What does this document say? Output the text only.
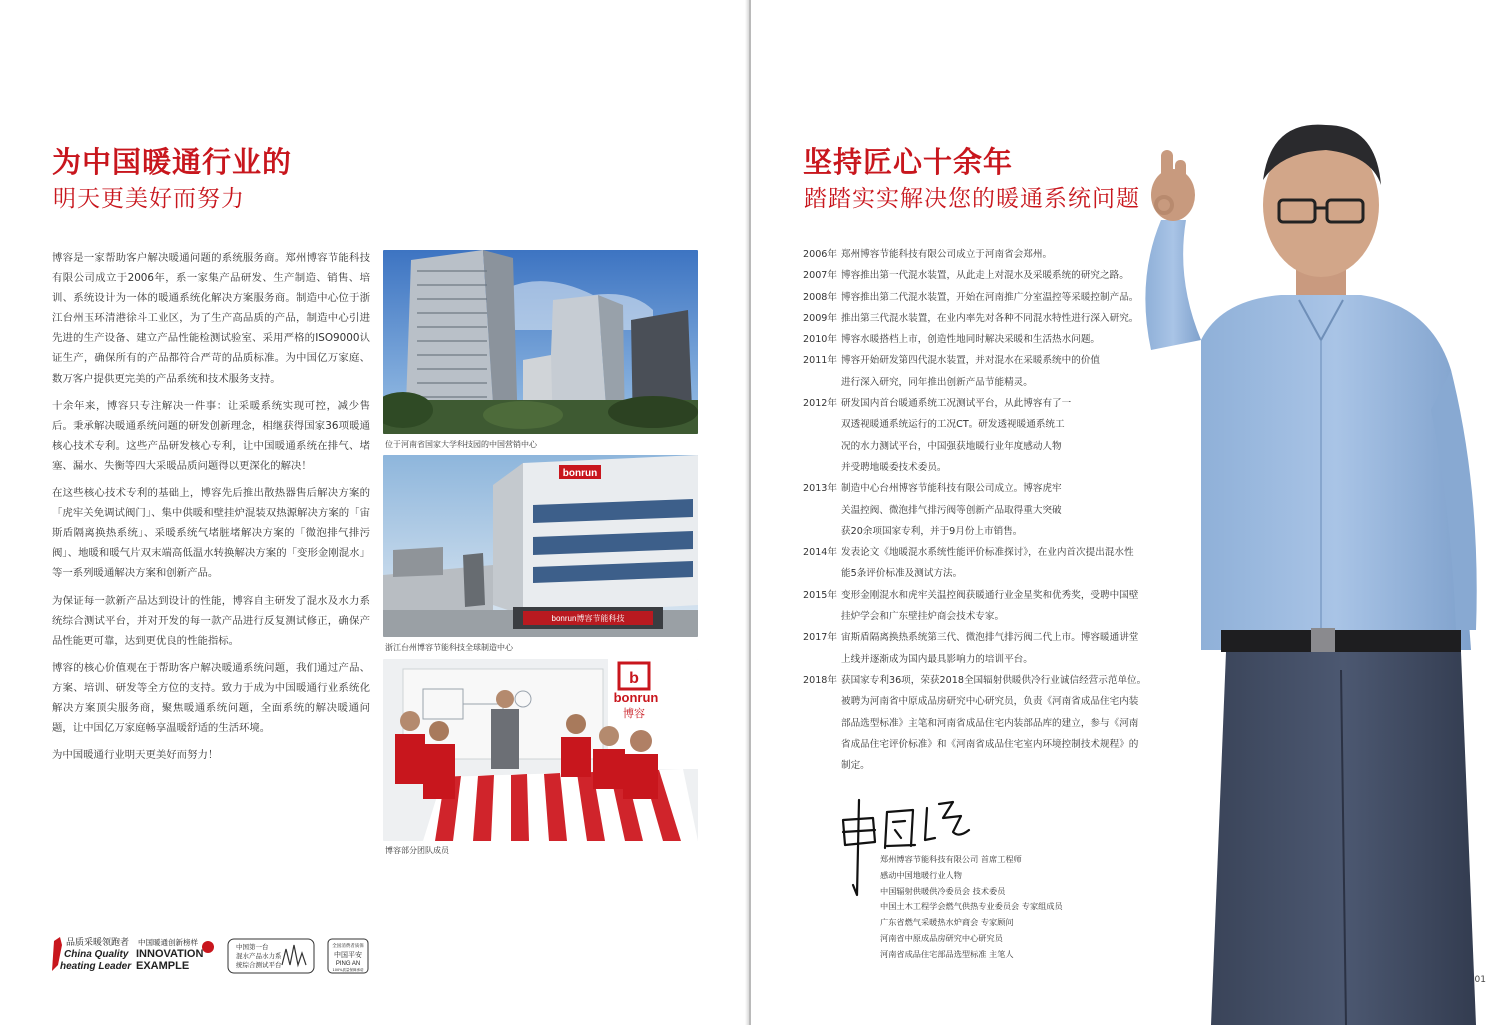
为中国暖通行业的
明天更美好而努力

博容是一家帮助客户解决暖通问题的系统服务商。郑州博容节能科技有限公司成立于2006年，系一家集产品研发、生产制造、销售、培训、系统设计为一体的暖通系统化解决方案服务商。制造中心位于浙江台州玉环清港徐斗工业区，为了生产高品质的产品，制造中心引进先进的生产设备、建立产品性能检测试验室、采用严格的ISO9000认证生产，确保所有的产品都符合严苛的品质标准。为中国亿万家庭、数万客户提供更完美的产品系统和技术服务支持。

十余年来，博容只专注解决一件事：让采暖系统实现可控，减少售后。秉承解决暖通系统问题的研发创新理念，相继获得国家36项暖通核心技术专利。这些产品研发核心专利，让中国暖通系统在排气、堵塞、漏水、失衡等四大采暖品质问题得以更深化的解决！

在这些核心技术专利的基础上，博容先后推出散热器售后解决方案的「虎牢关免调试阀门」、集中供暖和壁挂炉混装双热源解决方案的「宙斯盾隔离换热系统」、采暖系统气堵脏堵解决方案的「微泡排气排污阀」、地暖和暖气片双末端高低温水转换解决方案的「变形金刚混水」等一系列暖通解决方案和创新产品。

为保证每一款新产品达到设计的性能，博容自主研发了混水及水力系统综合测试平台，并对开发的每一款产品进行反复测试修正，确保产品性能更可靠，达到更优良的性能指标。

博容的核心价值观在于帮助客户解决暖通系统问题，我们通过产品、方案、培训、研发等全方位的支持。致力于成为中国暖通行业系统化解决方案顶尖服务商，聚焦暖通系统问题，全面系统的解决暖通问题，让中国亿万家庭畅享温暖舒适的生活环境。

为中国暖通行业明天更美好而努力！

位于河南省国家大学科技园的中国营销中心
bonrun
bonrun博容节能科技
浙江台州博容节能科技全球制造中心
b
bonrun
博容
博容部分团队成员
品质采暖领跑者
China Quality
heating Leader
中国暖通创新榜样
INNOVATION
EXAMPLE
中国第一台
混水产品水力系
统综合测试平台
全国消费者质保
中国平安
PING AN
100%质量保障承诺
坚持匠心十余年
踏踏实实解决您的暖通系统问题
2006年 郑州博容节能科技有限公司成立于河南省会郑州。
2007年 博容推出第一代混水装置，从此走上对混水及采暖系统的研究之路。
2008年 博容推出第二代混水装置，开始在河南推广分室温控等采暖控制产品。
2009年 推出第三代混水装置，在业内率先对各种不同混水特性进行深入研究。
2010年 博容水暖搭档上市，创造性地同时解决采暖和生活热水问题。
2011年 博容开始研发第四代混水装置，并对混水在采暖系统中的价值
进行深入研究，同年推出创新产品节能精灵。
2012年 研发国内首台暖通系统工况测试平台，从此博容有了一
双透视暖通系统运行的工况CT。研发透视暖通系统工
况的水力测试平台，中国强获地暖行业年度感动人物
并受聘地暖委技术委员。
2013年 制造中心台州博容节能科技有限公司成立。博容虎牢
关温控阀、微泡排气排污阀等创新产品取得重大突破
获20余项国家专利，并于9月份上市销售。
2014年 发表论文《地暖混水系统性能评价标准探讨》，在业内首次提出混水性
能5条评价标准及测试方法。
2015年 变形金刚混水和虎牢关温控阀获暖通行业金星奖和优秀奖，受聘中国壁
挂炉学会和广东壁挂炉商会技术专家。
2017年 宙斯盾隔离换热系统第三代、微泡排气排污阀二代上市。博容暖通讲堂
上线并逐渐成为国内最具影响力的培训平台。
2018年 获国家专利36项，荣获2018全国辐射供暖供冷行业诚信经营示范单位。
被聘为河南省中原成品房研究中心研究员，负责《河南省成品住宅内装
部品选型标准》主笔和河南省成品住宅内装部品库的建立，参与《河南
省成品住宅评价标准》和《河南省成品住宅室内环境控制技术规程》的
制定。
郑州博容节能科技有限公司 首席工程师
感动中国地暖行业人物
中国辐射供暖供冷委员会 技术委员
中国土木工程学会燃气供热专业委员会 专家组成员
广东省燃气采暖热水炉商会 专家顾问
河南省中原成品房研究中心研究员
河南省成品住宅部品选型标准 主笔人
01
